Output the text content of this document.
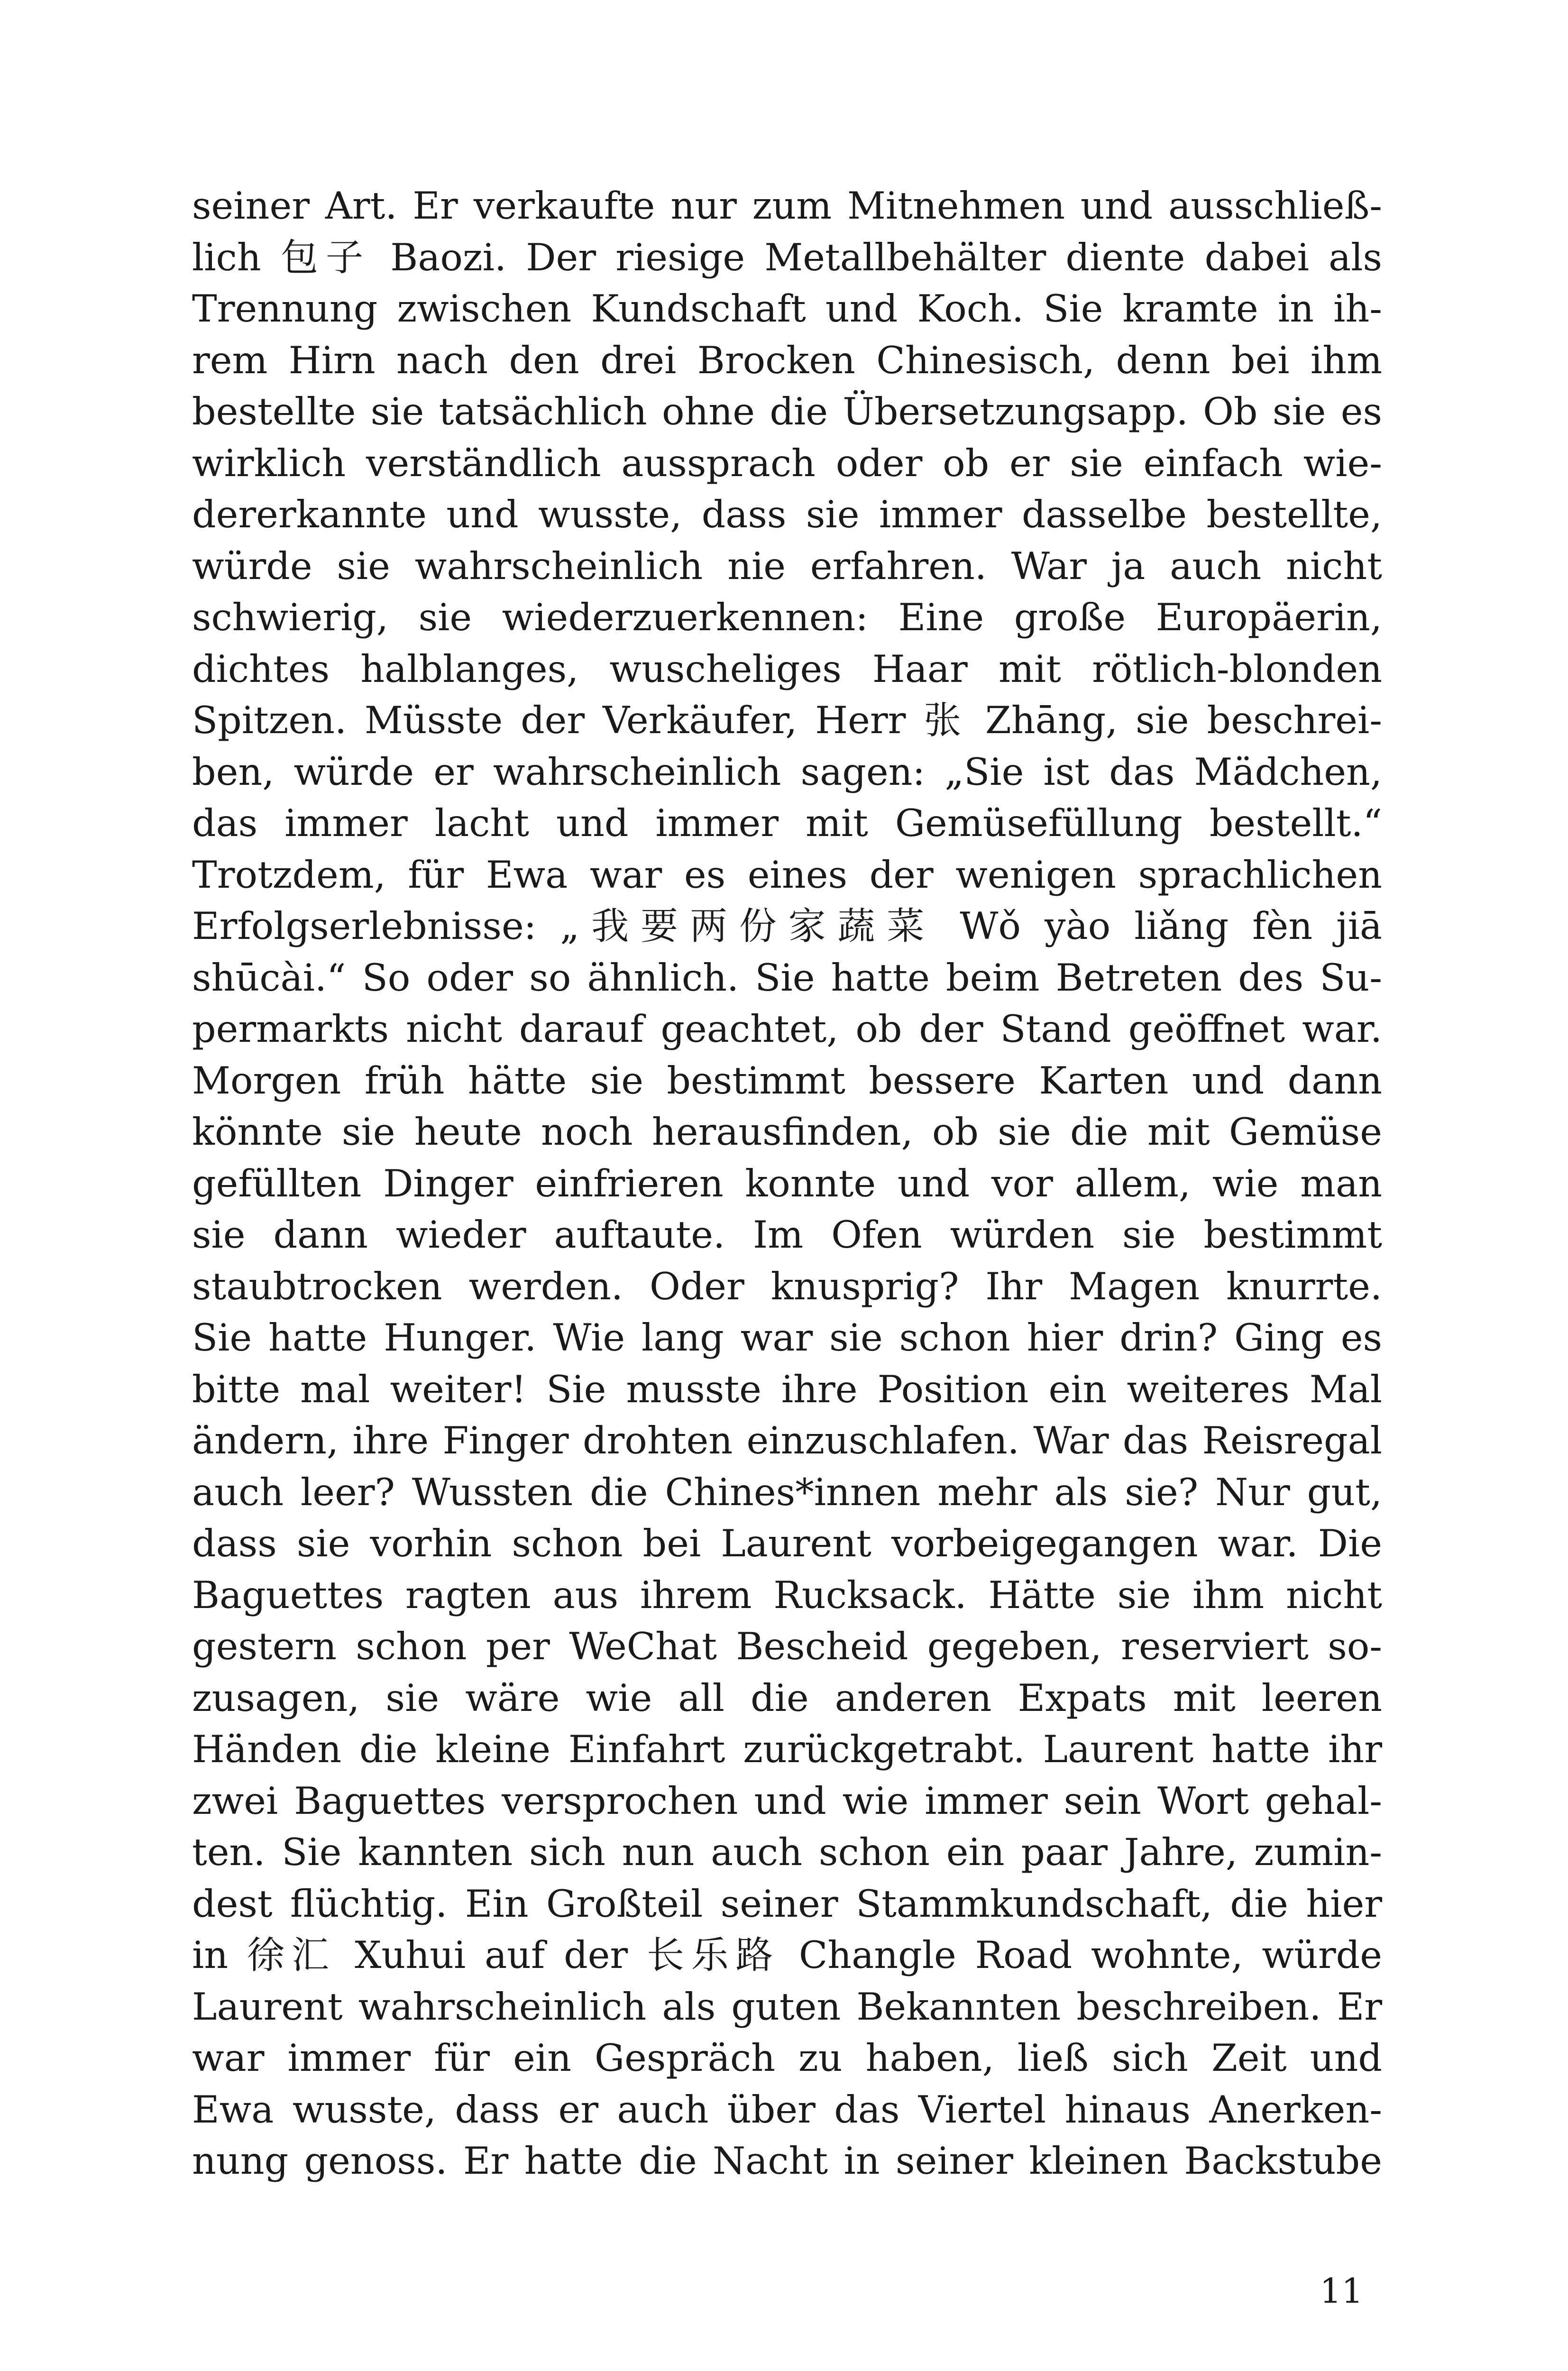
seiner Art. Er verkaufte nur zum Mitnehmen und ausschließ-
lich 包子 Baozi. Der riesige Metallbehälter diente dabei als
Trennung zwischen Kundschaft und Koch. Sie kramte in ih-
rem Hirn nach den drei Brocken Chinesisch, denn bei ihm
bestellte sie tatsächlich ohne die Übersetzungsapp. Ob sie es
wirklich verständlich aussprach oder ob er sie einfach wie-
dererkannte und wusste, dass sie immer dasselbe bestellte,
würde sie wahrscheinlich nie erfahren. War ja auch nicht
schwierig, sie wiederzuerkennen: Eine große Europäerin,
dichtes halblanges, wuscheliges Haar mit rötlich-blonden
Spitzen. Müsste der Verkäufer, Herr 张 Zhāng, sie beschrei-
ben, würde er wahrscheinlich sagen: „Sie ist das Mädchen,
das immer lacht und immer mit Gemüsefüllung bestellt.“
Trotzdem, für Ewa war es eines der wenigen sprachlichen
Erfolgserlebnisse: „我要两份家蔬菜 Wǒ yào liǎng fèn jiā
shūcài.“ So oder so ähnlich. Sie hatte beim Betreten des Su-
permarkts nicht darauf geachtet, ob der Stand geöffnet war.
Morgen früh hätte sie bestimmt bessere Karten und dann
könnte sie heute noch herausfinden, ob sie die mit Gemüse
gefüllten Dinger einfrieren konnte und vor allem, wie man
sie dann wieder auftaute. Im Ofen würden sie bestimmt
staubtrocken werden. Oder knusprig? Ihr Magen knurrte.
Sie hatte Hunger. Wie lang war sie schon hier drin? Ging es
bitte mal weiter! Sie musste ihre Position ein weiteres Mal
ändern, ihre Finger drohten einzuschlafen. War das Reisregal
auch leer? Wussten die Chines*innen mehr als sie? Nur gut,
dass sie vorhin schon bei Laurent vorbeigegangen war. Die
Baguettes ragten aus ihrem Rucksack. Hätte sie ihm nicht
gestern schon per WeChat Bescheid gegeben, reserviert so-
zusagen, sie wäre wie all die anderen Expats mit leeren
Händen die kleine Einfahrt zurückgetrabt. Laurent hatte ihr
zwei Baguettes versprochen und wie immer sein Wort gehal-
ten. Sie kannten sich nun auch schon ein paar Jahre, zumin-
dest flüchtig. Ein Großteil seiner Stammkundschaft, die hier
in 徐汇 Xuhui auf der 长乐路 Changle Road wohnte, würde
Laurent wahrscheinlich als guten Bekannten beschreiben. Er
war immer für ein Gespräch zu haben, ließ sich Zeit und
Ewa wusste, dass er auch über das Viertel hinaus Anerken-
nung genoss. Er hatte die Nacht in seiner kleinen Backstube
11
